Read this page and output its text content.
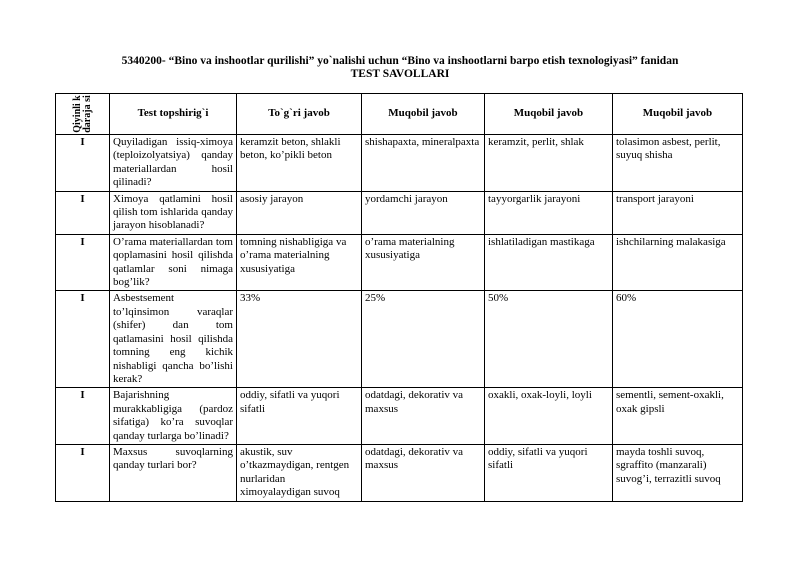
5340200- “Bino va inshootlar qurilishi” yo`nalishi uchun “Bino va inshootlarni barpo etish texnologiyasi” fanidan
TEST SAVOLLARI
Qiyinli k daraja si	Test topshirig`i	To`g`ri javob	Muqobil javob	Muqobil javob	Muqobil javob
I	Quyiladigan issiq-ximoya (teploizolyatsiya) qanday materiallardan hosil qilinadi?	keramzit beton, shlakli beton, ko’pikli beton	shishapaxta, mineralpaxta	keramzit, perlit, shlak	tolasimon asbest, perlit, suyuq shisha
I	Ximoya qatlamini hosil qilish tom ishlarida qanday jarayon hisoblanadi?	asosiy jarayon	yordamchi jarayon	tayyorgarlik jarayoni	transport jarayoni
I	O’rama materiallardan tom qoplamasini hosil qilishda qatlamlar soni nimaga bog’lik?	tomning nishabligiga va o’rama materialning xususiyatiga	o’rama materialning xususiyatiga	ishlatiladigan mastikaga	ishchilarning malakasiga
I	Asbestsement to’lqinsimon varaqlar (shifer) dan tom qatlamasini hosil qilishda tomning eng kichik nishabligi qancha bo’lishi kerak?	33%	25%	50%	60%
I	Bajarishning murakkabligiga (pardoz sifatiga) ko’ra suvoqlar qanday turlarga bo’linadi?	oddiy, sifatli va yuqori sifatli	odatdagi, dekorativ va maxsus	oxakli, oxak-loyli, loyli	sementli, sement-oxakli, oxak gipsli
I	Maxsus suvoqlarning qanday turlari bor?	akustik, suv o’tkazmaydigan, rentgen nurlaridan ximoyalaydigan suvoq	odatdagi, dekorativ va maxsus	oddiy, sifatli va yuqori sifatli	mayda toshli suvoq, sgraffito (manzarali) suvog’i, terrazitli suvoq
